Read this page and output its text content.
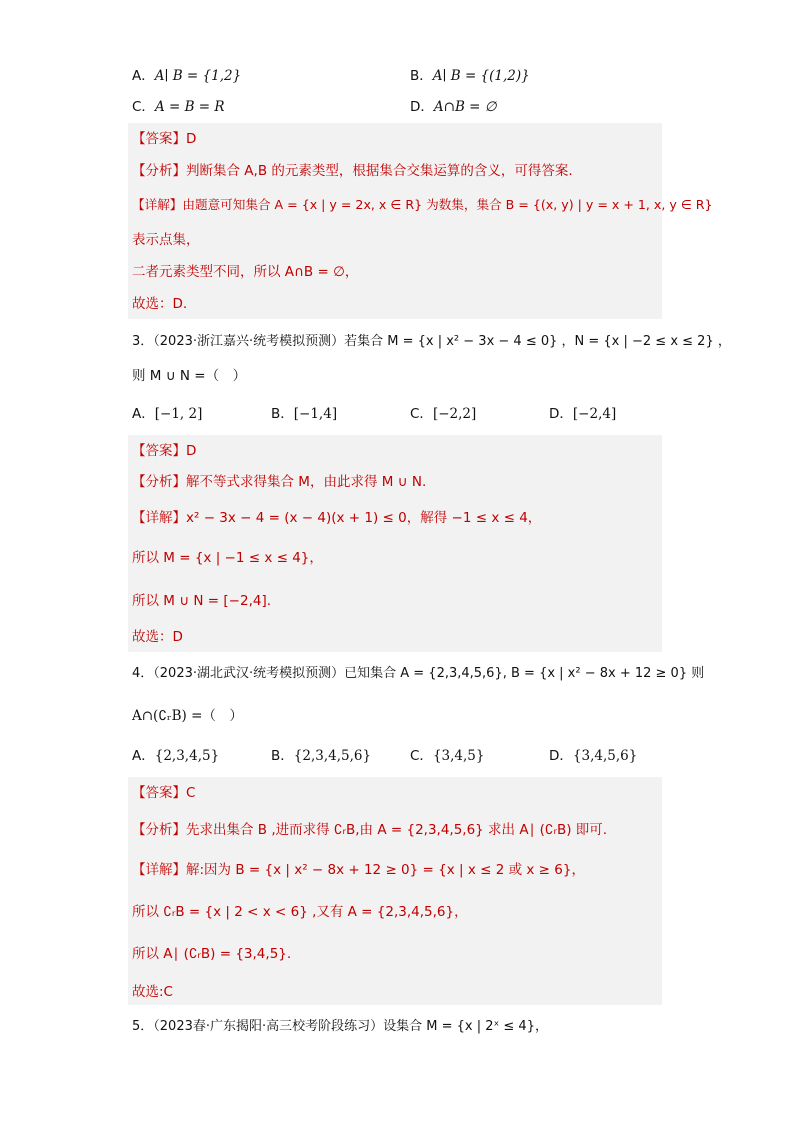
A．A∣ B = {1,2}	B．A∣ B = {(1,2)}
C．A = B = R	D．A∩B = ∅
【答案】D
【分析】判断集合 A,B 的元素类型，根据集合交集运算的含义，可得答案.
【详解】由题意可知集合 A = {x | y = 2x, x ∈ R} 为数集，集合 B = {(x, y) | y = x + 1, x, y ∈ R}
表示点集，
二者元素类型不同，所以 A∩B = ∅，
故选：D.
3．（2023·浙江嘉兴·统考模拟预测）若集合 M = {x | x² − 3x − 4 ≤ 0} ，N = {x | −2 ≤ x ≤ 2} ，
则 M ∪ N =（　）
A．[−1, 2]	B．[−1,4]	C．[−2,2]	D．[−2,4]
【答案】D
【分析】解不等式求得集合 M，由此求得 M ∪ N.
【详解】x² − 3x − 4 = (x − 4)(x + 1) ≤ 0，解得 −1 ≤ x ≤ 4，
所以 M = {x | −1 ≤ x ≤ 4}，
所以 M ∪ N = [−2,4].
故选：D
4．（2023·湖北武汉·统考模拟预测）已知集合 A = {2,3,4,5,6}, B = {x | x² − 8x + 12 ≥ 0} 则
A∩(∁ᵣB) =（　）
A．{2,3,4,5}	B．{2,3,4,5,6}	C．{3,4,5}	D．{3,4,5,6}
【答案】C
【分析】先求出集合 B ,进而求得 ∁ᵣB,由 A = {2,3,4,5,6} 求出 A∣ (∁ᵣB) 即可.
【详解】解:因为 B = {x | x² − 8x + 12 ≥ 0} = {x | x ≤ 2 或 x ≥ 6}，
所以 ∁ᵣB = {x | 2 < x < 6} ,又有 A = {2,3,4,5,6}，
所以 A∣ (∁ᵣB) = {3,4,5}.
故选:C
5．（2023春·广东揭阳·高三校考阶段练习）设集合 M = {x | 2ˣ ≤ 4}，
